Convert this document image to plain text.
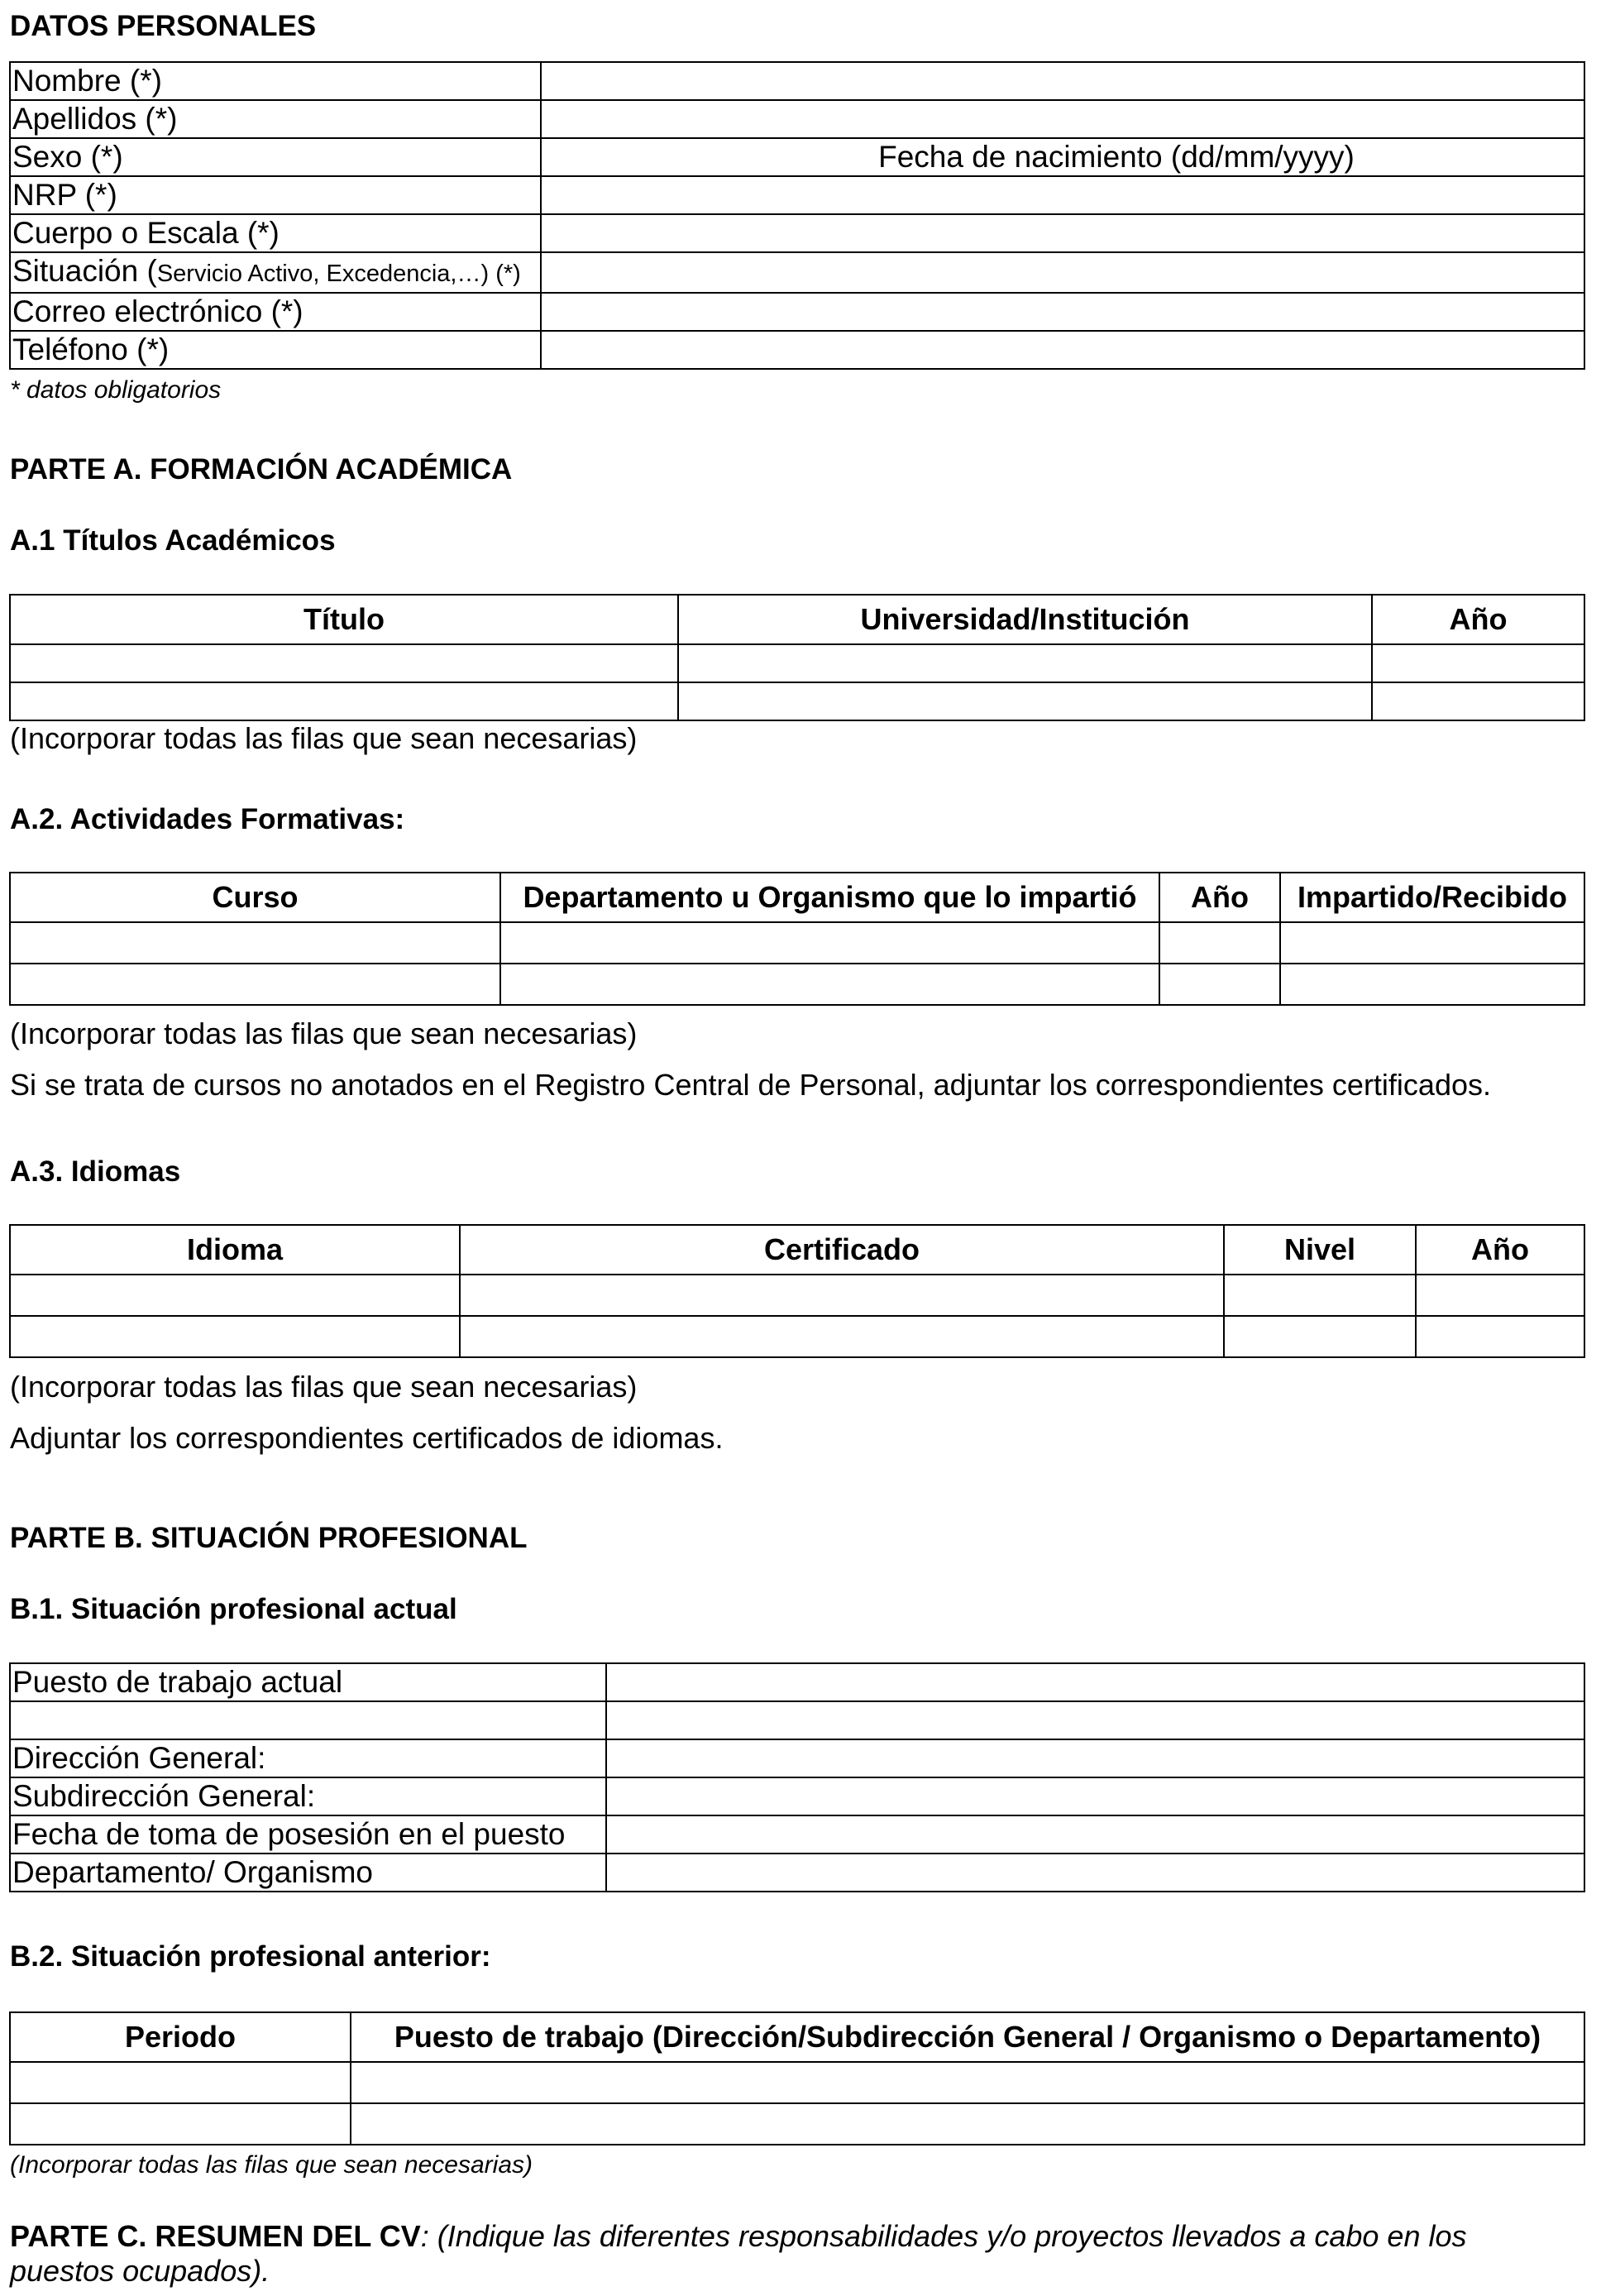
DATOS PERSONALES
Nombre (*)	
Apellidos (*)	
Sexo (*)	Fecha de nacimiento (dd/mm/yyyy)
NRP (*)	
Cuerpo o Escala (*)	
Situación (Servicio Activo, Excedencia,…) (*)	
Correo electrónico (*)	
Teléfono (*)	
* datos obligatorios
PARTE A. FORMACIÓN ACADÉMICA
A.1 Títulos Académicos
Título	Universidad/Institución	Año

(Incorporar todas las filas que sean necesarias)
A.2. Actividades Formativas:
Curso	Departamento u Organismo que lo impartió	Año	Impartido/Recibido

(Incorporar todas las filas que sean necesarias)
Si se trata de cursos no anotados en el Registro Central de Personal, adjuntar los correspondientes certificados.
A.3. Idiomas
Idioma	Certificado	Nivel	Año

(Incorporar todas las filas que sean necesarias)
Adjuntar los correspondientes certificados de idiomas.
PARTE B. SITUACIÓN PROFESIONAL
B.1. Situación profesional actual
Puesto de trabajo actual	

Dirección General:	
Subdirección General:	
Fecha de toma de posesión en el puesto	
Departamento/ Organismo	
B.2. Situación profesional anterior:
Periodo	Puesto de trabajo (Dirección/Subdirección General / Organismo o Departamento)

(Incorporar todas las filas que sean necesarias)
PARTE C. RESUMEN DEL CV: (Indique las diferentes responsabilidades y/o proyectos llevados a cabo en los
puestos ocupados).
